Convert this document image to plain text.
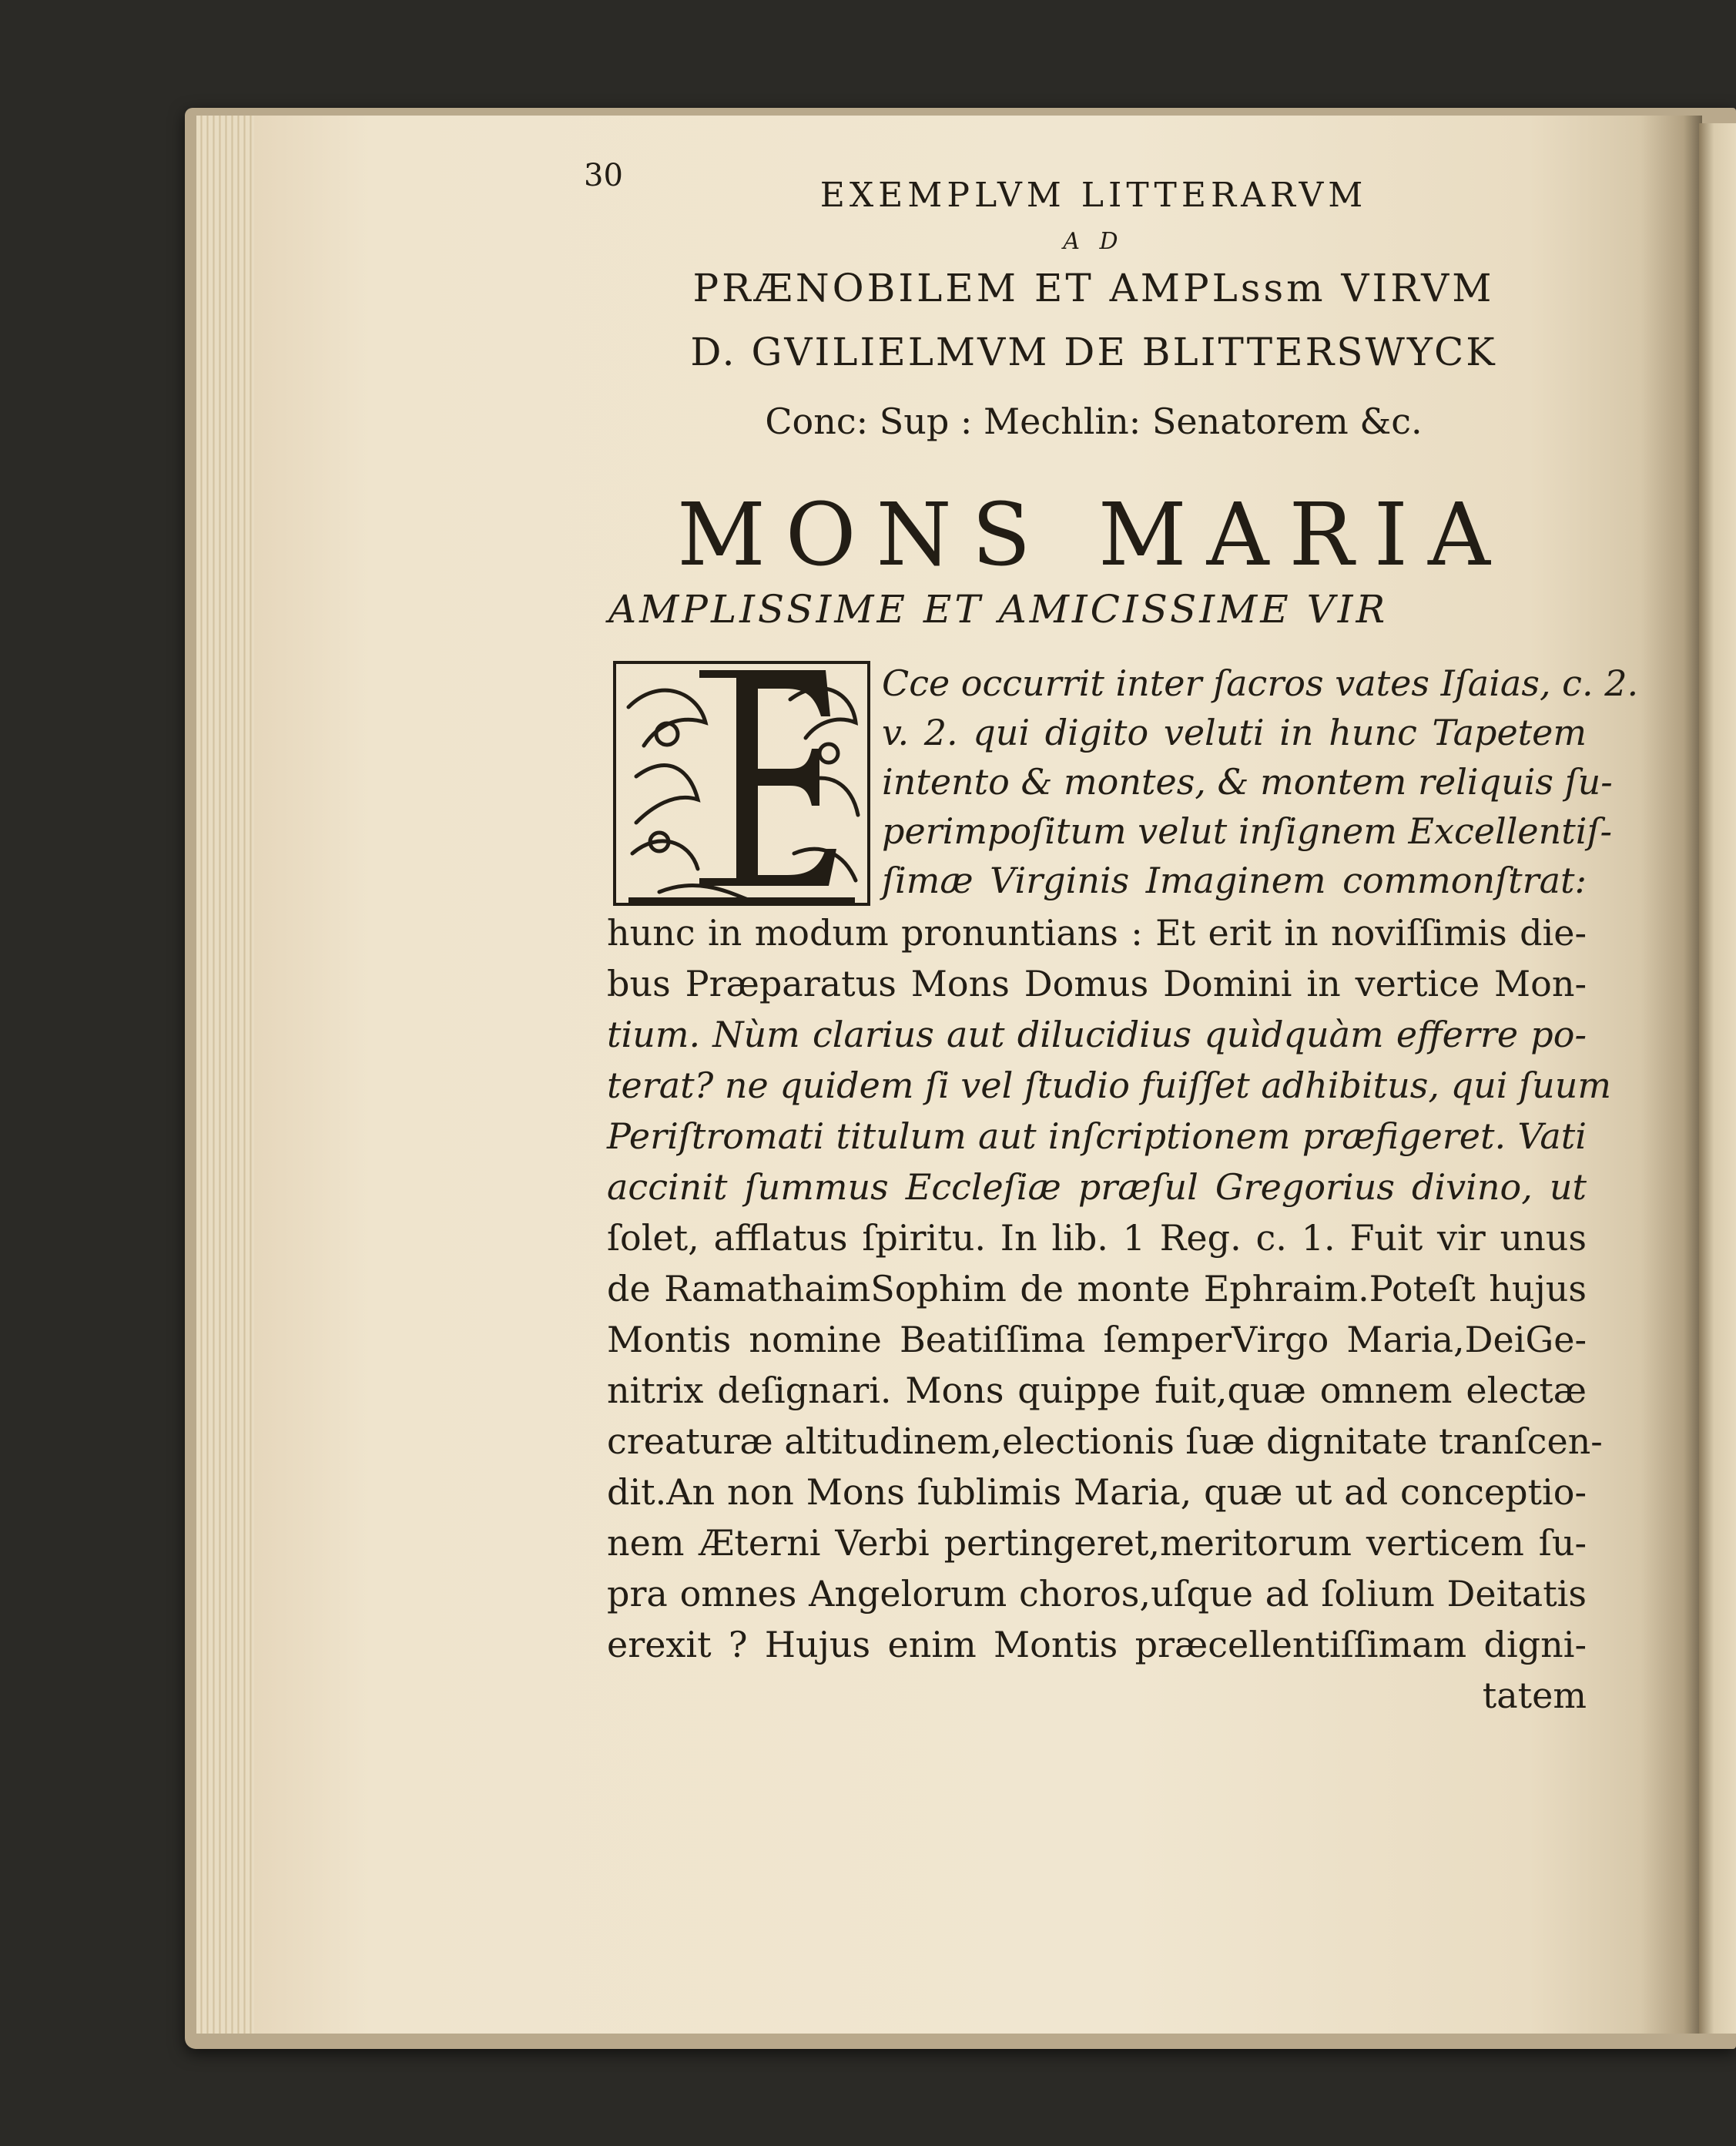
30	EXEMPLVM LITTERARVM
A D
PRÆNOBILEM ET AMPLssm VIRVM
D. GVILIELMVM DE BLITTERSWYCK
Conc: Sup : Mechlin: Senatorem &c.
MONS MARIA
AMPLISSIME ET AMICISSIME VIR
Cce occurrit inter ſacros vates Iſaias, c. 2.
v. 2. qui digito veluti in hunc Tapetem
intento & montes, & montem reliquis ſu-
perimpoſitum velut inſignem Excellentiſ-
ſimæ Virginis Imaginem commonſtrat:
hunc in modum pronuntians : Et erit in noviſſimis die-
bus Præparatus Mons Domus Domini in vertice Mon-
tium. Nùm clarius aut dilucidius quìdquàm efferre po-
terat? ne quidem ſi vel ſtudio fuiſſet adhibitus, qui ſuum
Periſtromati titulum aut inſcriptionem præfigeret. Vati
accinit ſummus Eccleſiæ præſul Gregorius divino, ut
ſolet, afflatus ſpiritu. In lib. 1 Reg. c. 1. Fuit vir unus
de RamathaimSophim de monte Ephraim.Poteſt hujus
Montis nomine Beatiſſima ſemperVirgo Maria,DeiGe-
nitrix deſignari. Mons quippe fuit,quæ omnem electæ
creaturæ altitudinem,electionis ſuæ dignitate tranſcen-
dit.An non Mons ſublimis Maria, quæ ut ad conceptio-
nem Æterni Verbi pertingeret,meritorum verticem ſu-
pra omnes Angelorum choros,uſque ad ſolium Deitatis
erexit ? Hujus enim Montis præcellentiſſimam digni-
tatem
